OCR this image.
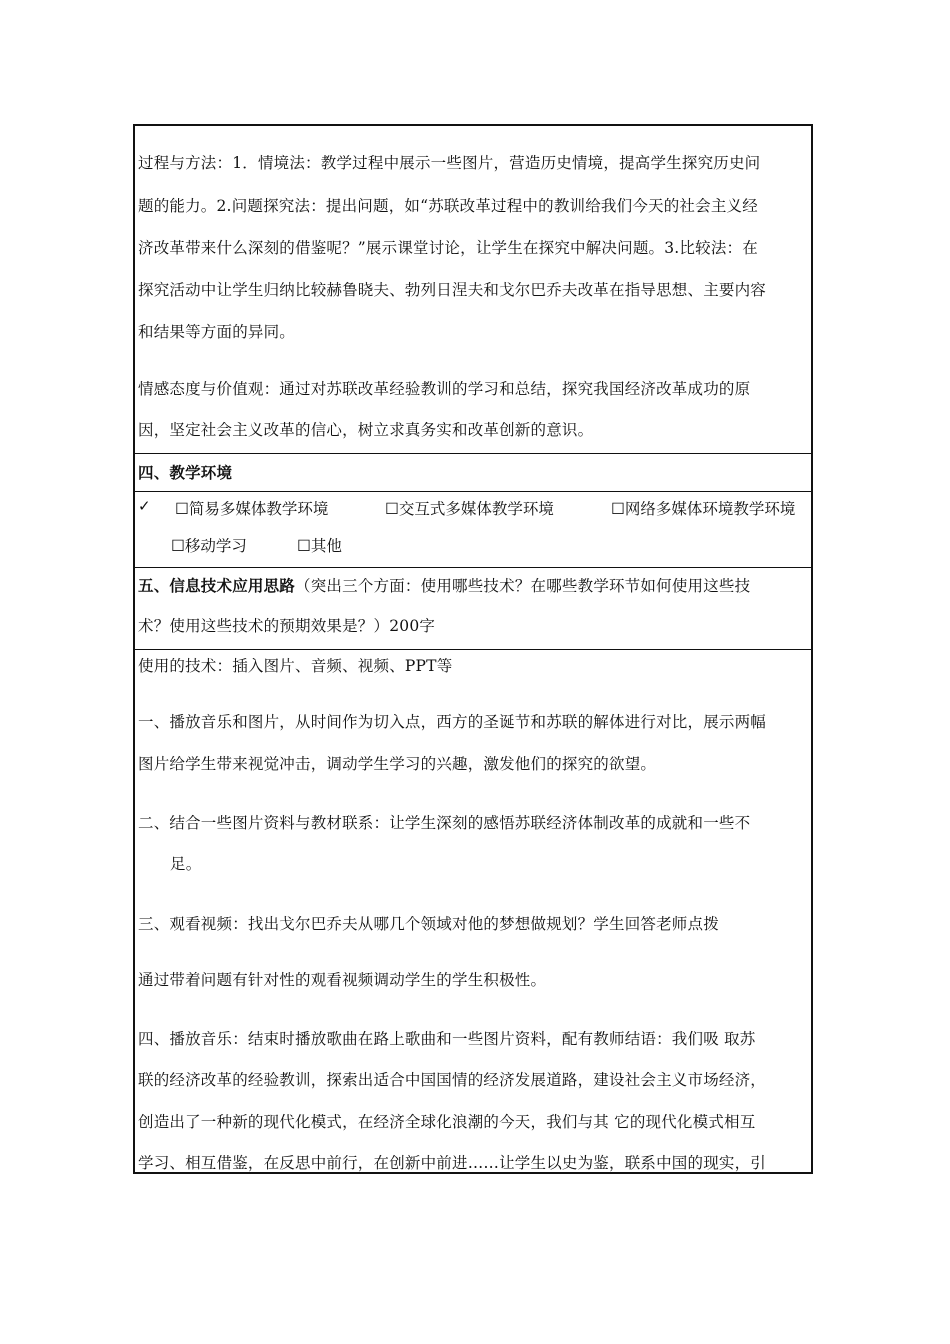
过程与方法：1．情境法：教学过程中展示一些图片，营造历史情境，提高学生探究历史问
题的能力。2.问题探究法：提出问题，如“苏联改革过程中的教训给我们今天的社会主义经
济改革带来什么深刻的借鉴呢？”展示课堂讨论，让学生在探究中解决问题。3.比较法：在
探究活动中让学生归纳比较赫鲁晓夫、勃列日涅夫和戈尔巴乔夫改革在指导思想、主要内容
和结果等方面的异同。
情感态度与价值观：通过对苏联改革经验教训的学习和总结，探究我国经济改革成功的原
因，坚定社会主义改革的信心，树立求真务实和改革创新的意识。
四、教学环境
✓ ☐简易多媒体教学环境	☐交互式多媒体教学环境	☐网络多媒体环境教学环境
☐移动学习	☐其他
五、信息技术应用思路（突出三个方面：使用哪些技术？在哪些教学环节如何使用这些技
术？使用这些技术的预期效果是？）200字
使用的技术：插入图片、音频、视频、PPT等
一、播放音乐和图片，从时间作为切入点，西方的圣诞节和苏联的解体进行对比，展示两幅
图片给学生带来视觉冲击，调动学生学习的兴趣，激发他们的探究的欲望。
二、结合一些图片资料与教材联系：让学生深刻的感悟苏联经济体制改革的成就和一些不
足。
三、观看视频：找出戈尔巴乔夫从哪几个领域对他的梦想做规划？学生回答老师点拨
通过带着问题有针对性的观看视频调动学生的学生积极性。
四、播放音乐：结束时播放歌曲在路上歌曲和一些图片资料，配有教师结语：我们吸 取苏
联的经济改革的经验教训，探索出适合中国国情的经济发展道路，建设社会主义市场经济，
创造出了一种新的现代化模式，在经济全球化浪潮的今天，我们与其 它的现代化模式相互
学习、相互借鉴，在反思中前行，在创新中前进……让学生以史为鉴，联系中国的现实，引
